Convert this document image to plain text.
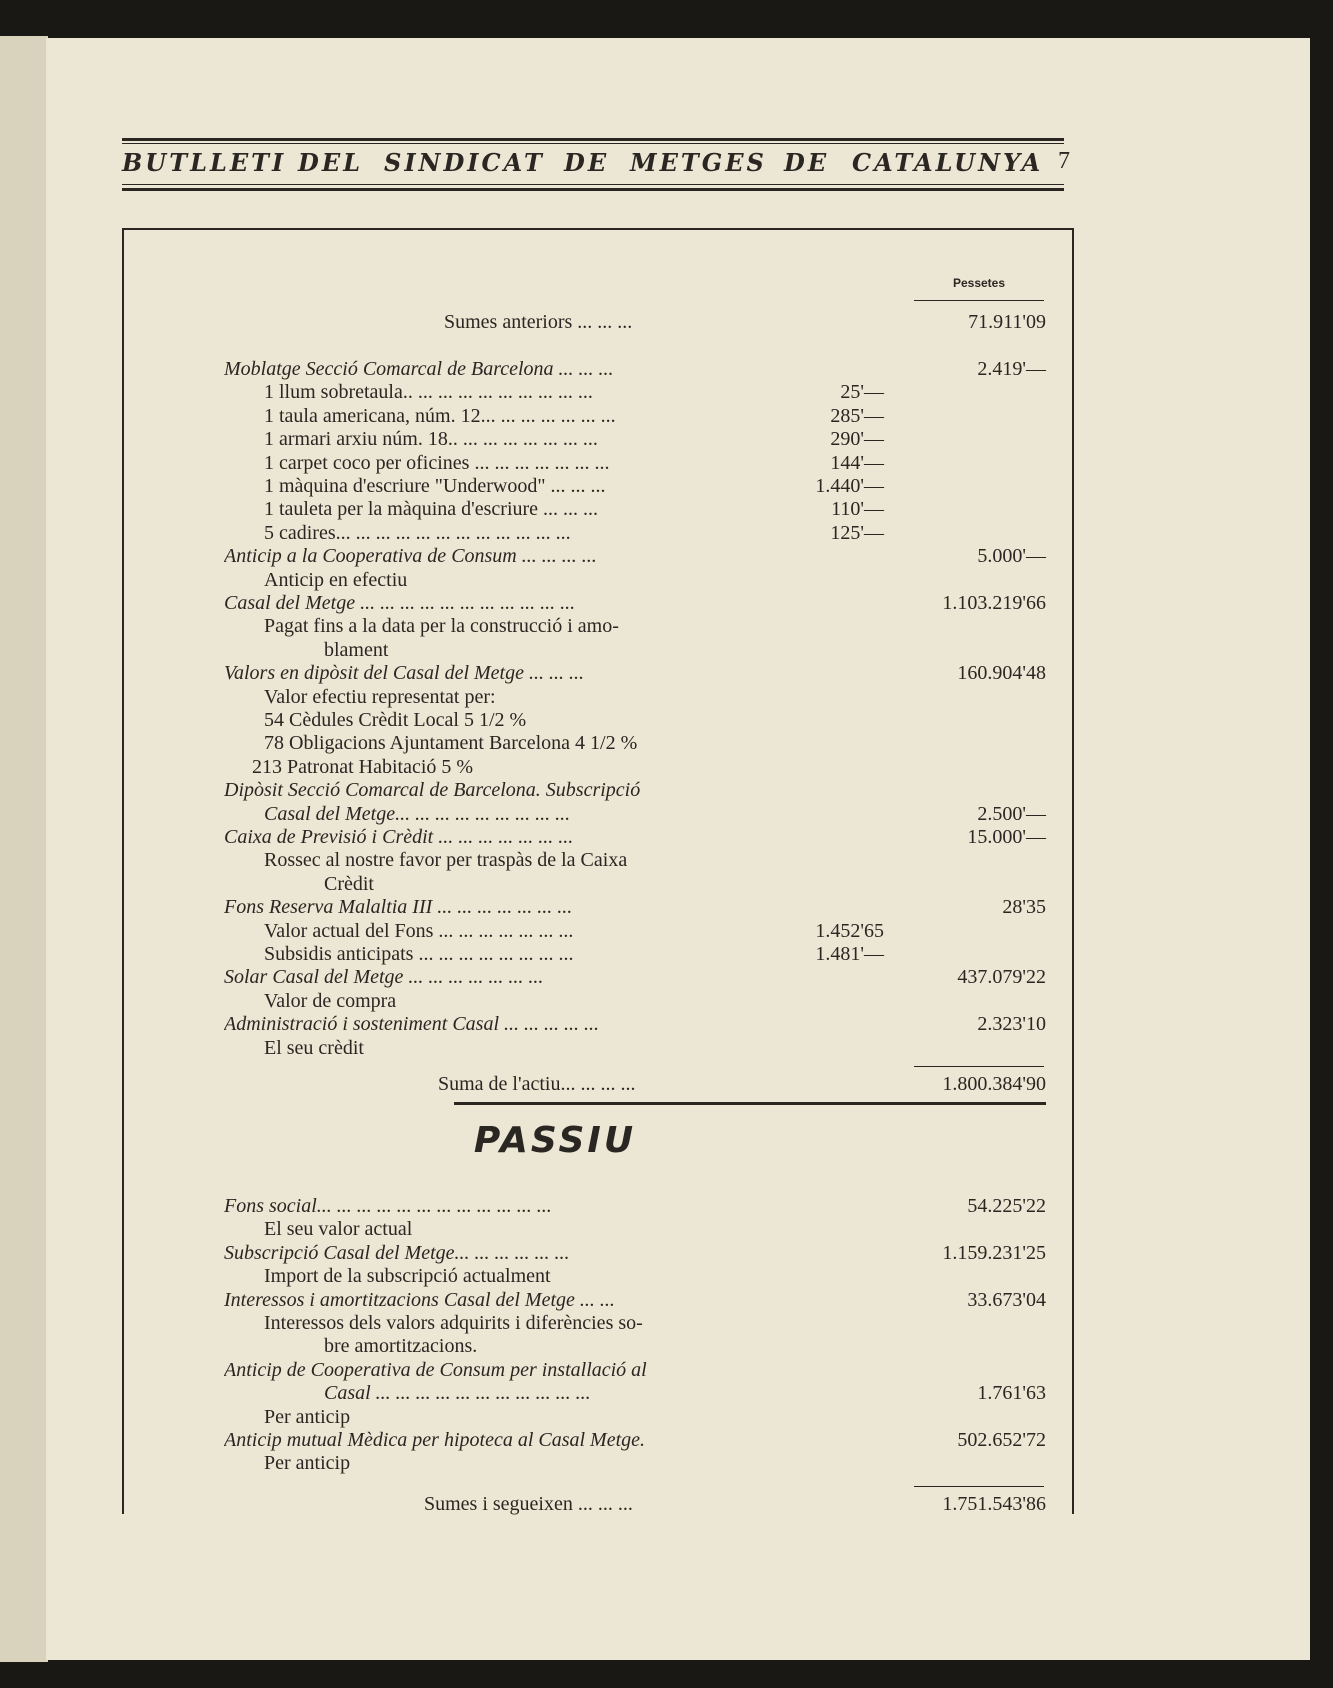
BUTLLETI DEL SINDICAT DE METGES DE CATALUNYA 7
Pessetes
Sumes anteriors ... ... ...	71.911'09
Moblatge Secció Comarcal de Barcelona ... ... ...	2.419'—
1 llum sobretaula.. ... ... ... ... ... ... ... ... ...	25'—
1 taula americana, núm. 12... ... ... ... ... ... ...	285'—
1 armari arxiu núm. 18.. ... ... ... ... ... ... ...	290'—
1 carpet coco per oficines ... ... ... ... ... ... ...	144'—
1 màquina d'escriure "Underwood" ... ... ...	1.440'—
1 tauleta per la màquina d'escriure ... ... ...	110'—
5 cadires... ... ... ... ... ... ... ... ... ... ... ...	125'—
Anticip a la Cooperativa de Consum ... ... ... ...	5.000'—
Anticip en efectiu
Casal del Metge ... ... ... ... ... ... ... ... ... ... ...	1.103.219'66
Pagat fins a la data per la construcció i amo-
blament
Valors en dipòsit del Casal del Metge ... ... ...	160.904'48
Valor efectiu representat per:
54 Cèdules Crèdit Local 5 1/2 %
78 Obligacions Ajuntament Barcelona 4 1/2 %
213 Patronat Habitació 5 %
Dipòsit Secció Comarcal de Barcelona. Subscripció
Casal del Metge... ... ... ... ... ... ... ... ...	2.500'—
Caixa de Previsió i Crèdit ... ... ... ... ... ... ...	15.000'—
Rossec al nostre favor per traspàs de la Caixa
Crèdit
Fons Reserva Malaltia III ... ... ... ... ... ... ...	28'35
Valor actual del Fons ... ... ... ... ... ... ...	1.452'65
Subsidis anticipats ... ... ... ... ... ... ... ...	1.481'—
Solar Casal del Metge ... ... ... ... ... ... ...	437.079'22
Valor de compra
Administració i sosteniment Casal ... ... ... ... ...	2.323'10
El seu crèdit
Suma de l'actiu... ... ... ...	1.800.384'90
PASSIU
Fons social... ... ... ... ... ... ... ... ... ... ... ...	54.225'22
El seu valor actual
Subscripció Casal del Metge... ... ... ... ... ...	1.159.231'25
Import de la subscripció actualment
Interessos i amortitzacions Casal del Metge ... ...	33.673'04
Interessos dels valors adquirits i diferències so-
bre amortitzacions.
Anticip de Cooperativa de Consum per installació al
Casal ... ... ... ... ... ... ... ... ... ... ...	1.761'63
Per anticip
Anticip mutual Mèdica per hipoteca al Casal Metge.	502.652'72
Per anticip
Sumes i segueixen ... ... ...	1.751.543'86
